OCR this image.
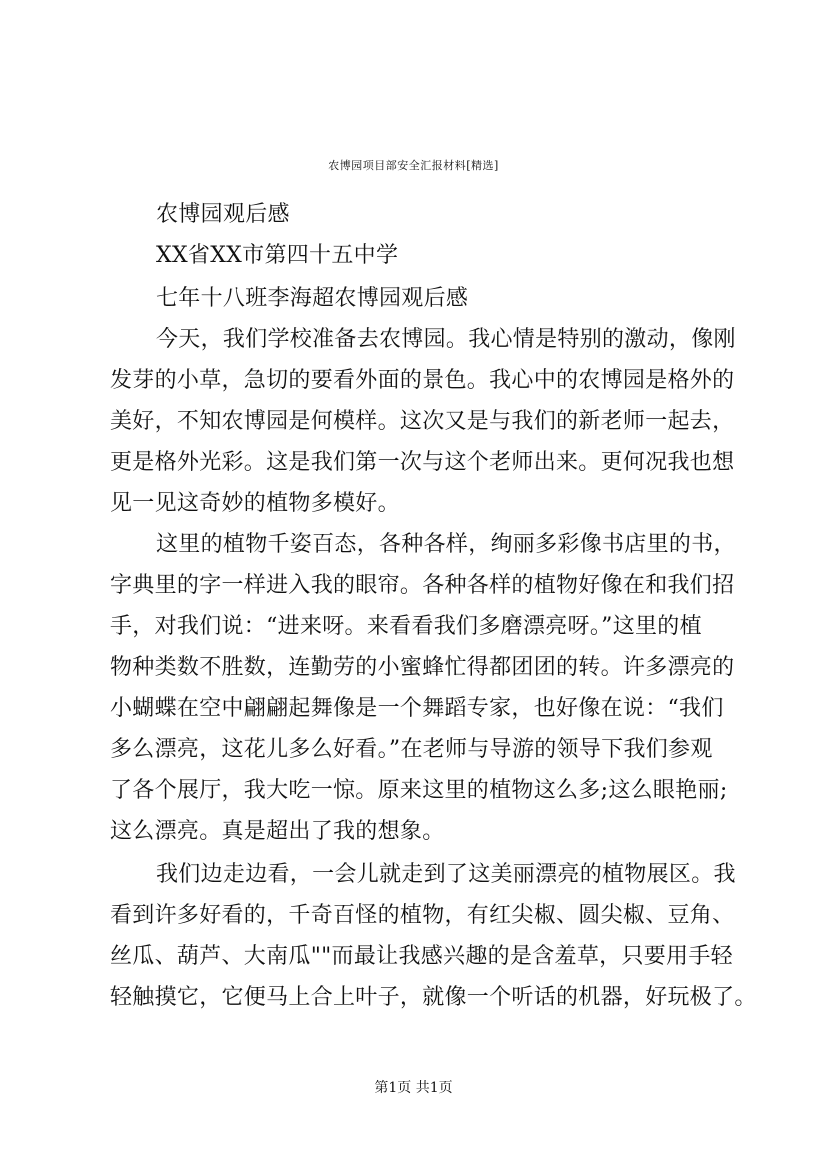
农博园项目部安全汇报材料[精选]
农博园观后感
XX省XX市第四十五中学
七年十八班李海超农博园观后感
今天，我们学校准备去农博园。我心情是特别的激动，像刚
发芽的小草，急切的要看外面的景色。我心中的农博园是格外的
美好，不知农博园是何模样。这次又是与我们的新老师一起去，
更是格外光彩。这是我们第一次与这个老师出来。更何况我也想
见一见这奇妙的植物多模好。
这里的植物千姿百态，各种各样，绚丽多彩像书店里的书，
字典里的字一样进入我的眼帘。各种各样的植物好像在和我们招
手，对我们说：“进来呀。来看看我们多磨漂亮呀。”这里的植
物种类数不胜数，连勤劳的小蜜蜂忙得都团团的转。许多漂亮的
小蝴蝶在空中翩翩起舞像是一个舞蹈专家，也好像在说：“我们
多么漂亮，这花儿多么好看。”在老师与导游的领导下我们参观
了各个展厅，我大吃一惊。原来这里的植物这么多;这么眼艳丽;
这么漂亮。真是超出了我的想象。
我们边走边看，一会儿就走到了这美丽漂亮的植物展区。我
看到许多好看的，千奇百怪的植物，有红尖椒、圆尖椒、豆角、
丝瓜、葫芦、大南瓜""而最让我感兴趣的是含羞草，只要用手轻
轻触摸它，它便马上合上叶子，就像一个听话的机器，好玩极了。
第1页 共1页
